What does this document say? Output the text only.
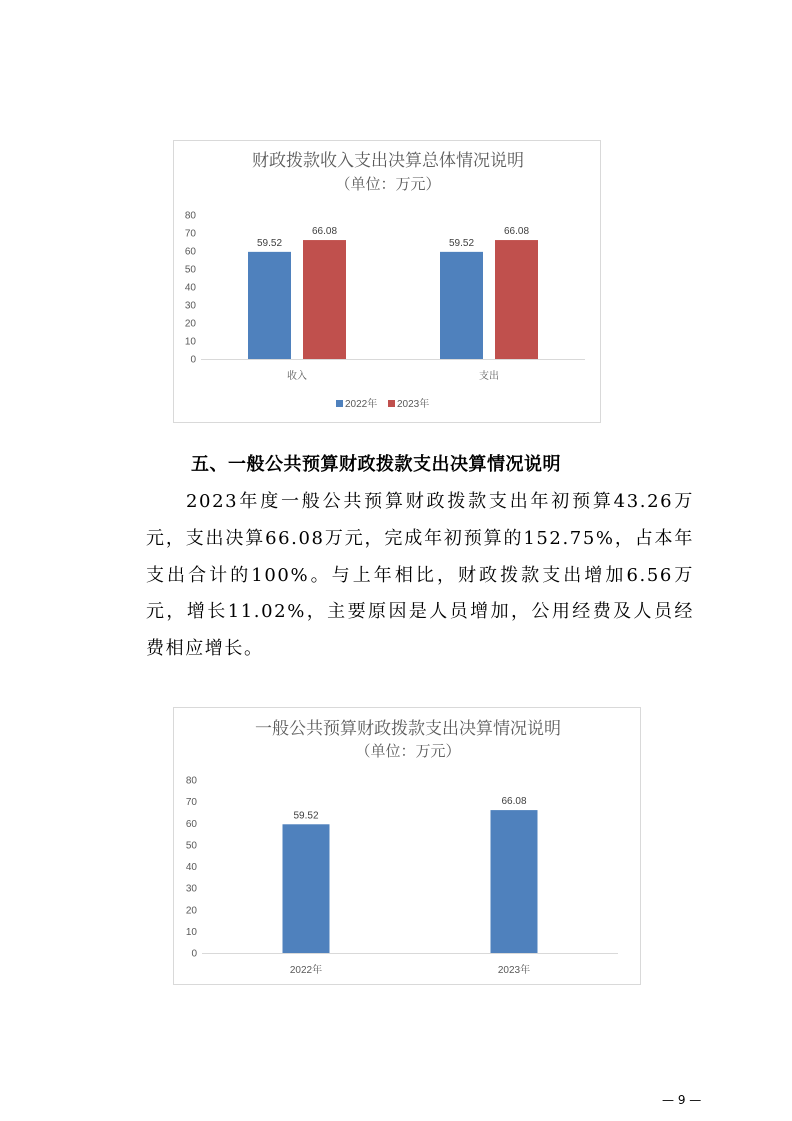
财政拨款收入支出决算总体情况说明
（单位：万元）
0
10
20
30
40
50
60
70
80
59.52
66.08
收入
59.52
66.08
支出
2022年 2023年
五、一般公共预算财政拨款支出决算情况说明

2023年度一般公共预算财政拨款支出年初预算43.26万元，支出决算66.08万元，完成年初预算的152.75%，占本年支出合计的100%。与上年相比，财政拨款支出增加6.56万元，增长11.02%，主要原因是人员增加，公用经费及人员经费相应增长。

一般公共预算财政拨款支出决算情况说明
（单位：万元）
0
10
20
30
40
50
60
70
80
59.52
2022年
66.08
2023年
— 9 —
